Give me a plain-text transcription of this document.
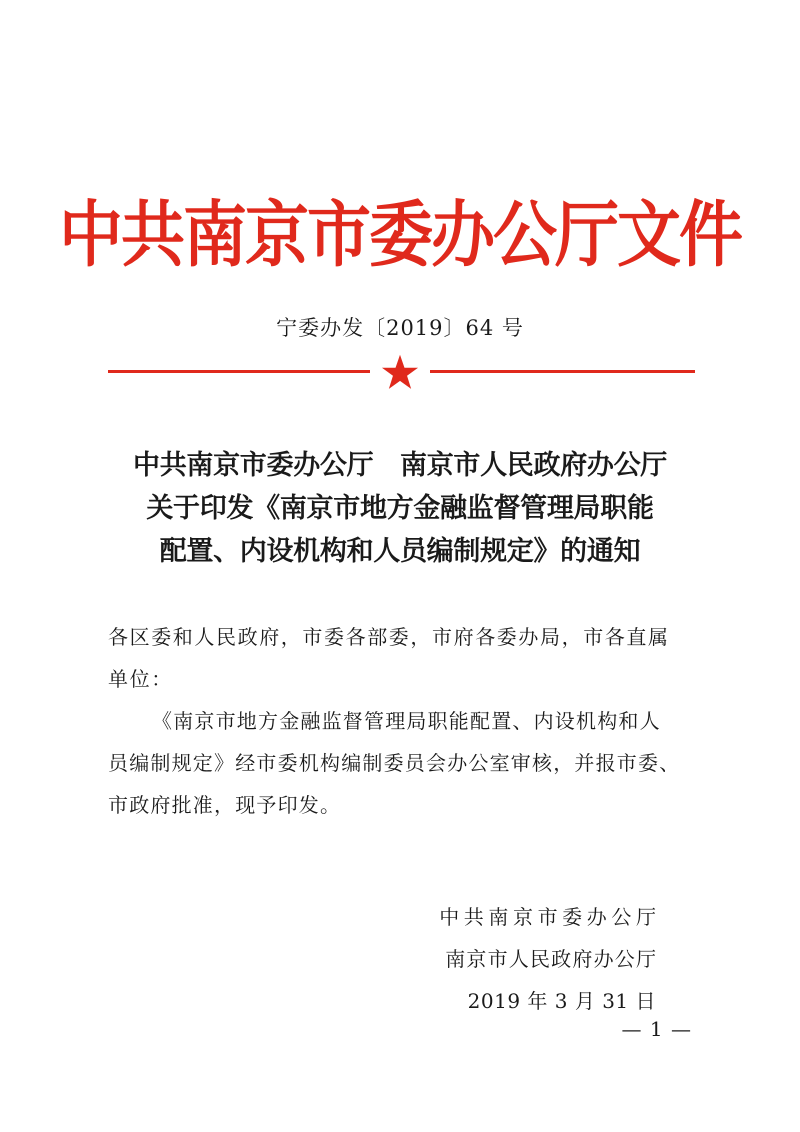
中共南京市委办公厅文件
宁委办发〔2019〕64 号
中共南京市委办公厅　南京市人民政府办公厅
关于印发《南京市地方金融监督管理局职能
配置、内设机构和人员编制规定》的通知
各区委和人民政府，市委各部委，市府各委办局，市各直属
单位：
《南京市地方金融监督管理局职能配置、内设机构和人
员编制规定》经市委机构编制委员会办公室审核，并报市委、
市政府批准，现予印发。
中共南京市委办公厅
南京市人民政府办公厅
2019 年 3 月 31 日
— 1 —
